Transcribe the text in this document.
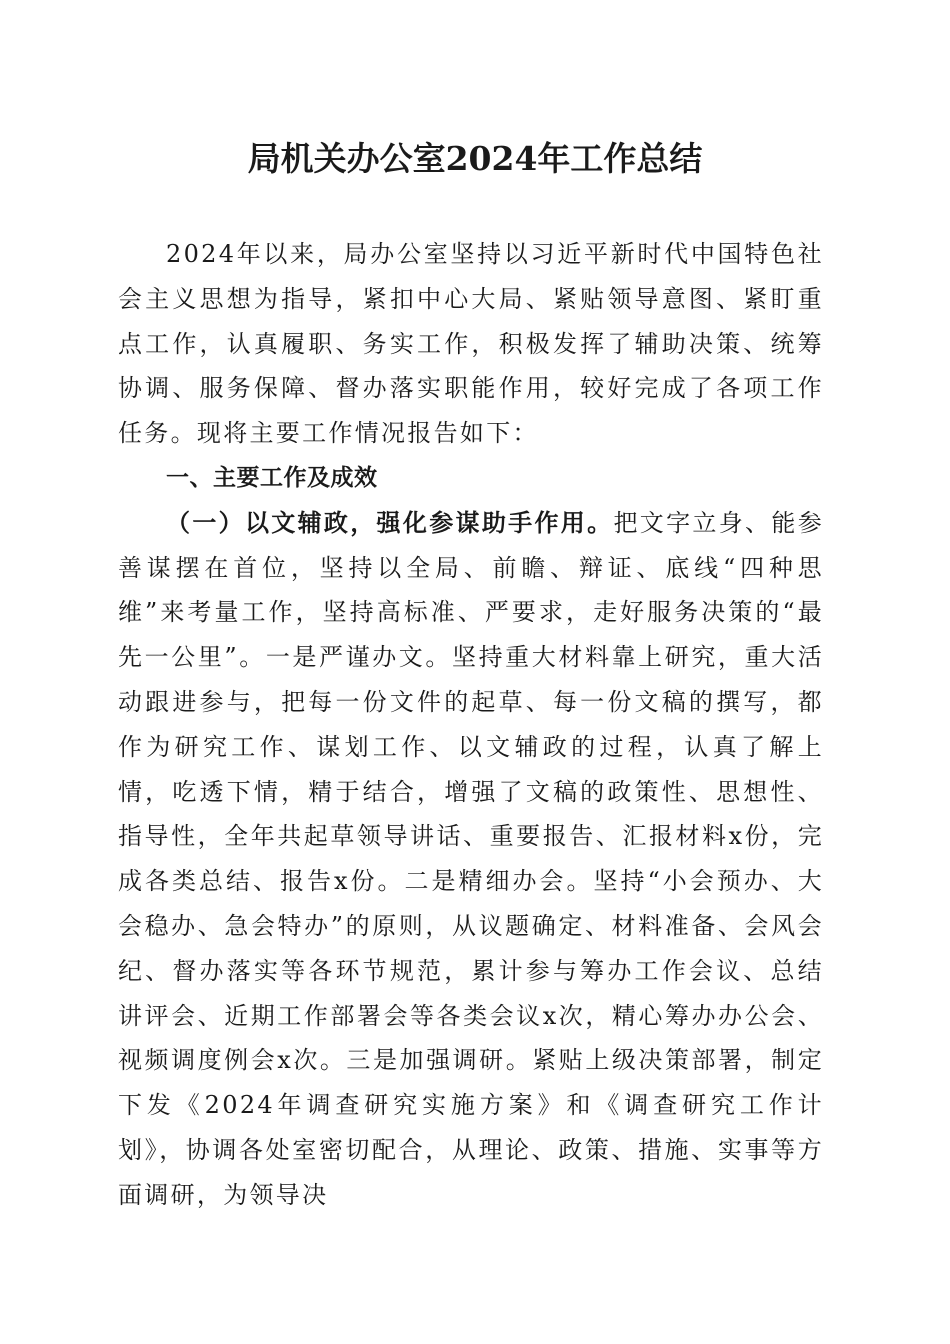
局机关办公室2024年工作总结

2024年以来，局办公室坚持以习近平新时代中国特色社会主义思想为指导，紧扣中心大局、紧贴领导意图、紧盯重点工作，认真履职、务实工作，积极发挥了辅助决策、统筹协调、服务保障、督办落实职能作用，较好完成了各项工作任务。现将主要工作情况报告如下：

一、主要工作及成效

（一）以文辅政，强化参谋助手作用。把文字立身、能参善谋摆在首位，坚持以全局、前瞻、辩证、底线“四种思维”来考量工作，坚持高标准、严要求，走好服务决策的“最先一公里”。一是严谨办文。坚持重大材料靠上研究，重大活动跟进参与，把每一份文件的起草、每一份文稿的撰写，都作为研究工作、谋划工作、以文辅政的过程，认真了解上情，吃透下情，精于结合，增强了文稿的政策性、思想性、指导性，全年共起草领导讲话、重要报告、汇报材料x份，完成各类总结、报告x份。二是精细办会。坚持“小会预办、大会稳办、急会特办”的原则，从议题确定、材料准备、会风会纪、督办落实等各环节规范，累计参与筹办工作会议、总结讲评会、近期工作部署会等各类会议x次，精心筹办办公会、视频调度例会x次。三是加强调研。紧贴上级决策部署，制定下发《2024年调查研究实施方案》和《调查研究工作计划》，协调各处室密切配合，从理论、政策、措施、实事等方面调研，为领导决
